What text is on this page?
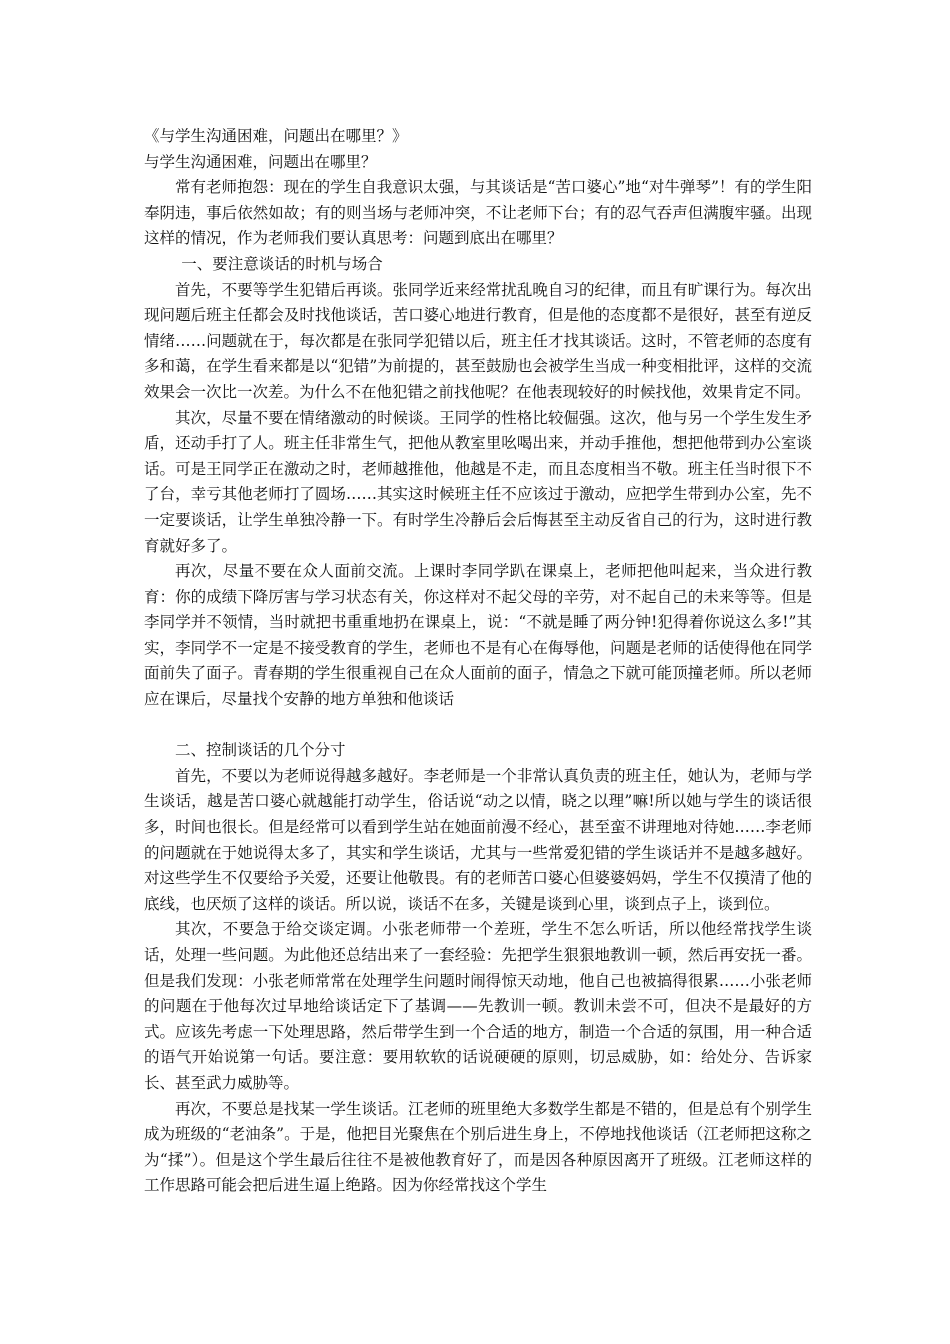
《与学生沟通困难，问题出在哪里？》

与学生沟通困难，问题出在哪里？

常有老师抱怨：现在的学生自我意识太强，与其谈话是“苦口婆心”地“对牛弹琴”！有的学生阳奉阴违，事后依然如故；有的则当场与老师冲突，不让老师下台；有的忍气吞声但满腹牢骚。出现这样的情况，作为老师我们要认真思考：问题到底出在哪里？

一、要注意谈话的时机与场合

首先，不要等学生犯错后再谈。张同学近来经常扰乱晚自习的纪律，而且有旷课行为。每次出现问题后班主任都会及时找他谈话，苦口婆心地进行教育，但是他的态度都不是很好，甚至有逆反情绪……问题就在于，每次都是在张同学犯错以后，班主任才找其谈话。这时，不管老师的态度有多和蔼，在学生看来都是以“犯错”为前提的，甚至鼓励也会被学生当成一种变相批评，这样的交流效果会一次比一次差。为什么不在他犯错之前找他呢？在他表现较好的时候找他，效果肯定不同。

其次，尽量不要在情绪激动的时候谈。王同学的性格比较倔强。这次，他与另一个学生发生矛盾，还动手打了人。班主任非常生气，把他从教室里吆喝出来，并动手推他，想把他带到办公室谈话。可是王同学正在激动之时，老师越推他，他越是不走，而且态度相当不敬。班主任当时很下不了台，幸亏其他老师打了圆场……其实这时候班主任不应该过于激动，应把学生带到办公室，先不一定要谈话，让学生单独冷静一下。有时学生冷静后会后悔甚至主动反省自己的行为，这时进行教育就好多了。

再次，尽量不要在众人面前交流。上课时李同学趴在课桌上，老师把他叫起来，当众进行教育：你的成绩下降厉害与学习状态有关，你这样对不起父母的辛劳，对不起自己的未来等等。但是李同学并不领情，当时就把书重重地扔在课桌上，说：“不就是睡了两分钟!犯得着你说这么多!”其实，李同学不一定是不接受教育的学生，老师也不是有心在侮辱他，问题是老师的话使得他在同学面前失了面子。青春期的学生很重视自己在众人面前的面子，情急之下就可能顶撞老师。所以老师应在课后，尽量找个安静的地方单独和他谈话

二、控制谈话的几个分寸

首先，不要以为老师说得越多越好。李老师是一个非常认真负责的班主任，她认为，老师与学生谈话，越是苦口婆心就越能打动学生，俗话说“动之以情，晓之以理”嘛!所以她与学生的谈话很多，时间也很长。但是经常可以看到学生站在她面前漫不经心，甚至蛮不讲理地对待她……李老师的问题就在于她说得太多了，其实和学生谈话，尤其与一些常爱犯错的学生谈话并不是越多越好。对这些学生不仅要给予关爱，还要让他敬畏。有的老师苦口婆心但婆婆妈妈，学生不仅摸清了他的底线，也厌烦了这样的谈话。所以说，谈话不在多，关键是谈到心里，谈到点子上，谈到位。

其次，不要急于给交谈定调。小张老师带一个差班，学生不怎么听话，所以他经常找学生谈话，处理一些问题。为此他还总结出来了一套经验：先把学生狠狠地教训一顿，然后再安抚一番。但是我们发现：小张老师常常在处理学生问题时闹得惊天动地，他自己也被搞得很累……小张老师的问题在于他每次过早地给谈话定下了基调——先教训一顿。教训未尝不可，但决不是最好的方式。应该先考虑一下处理思路，然后带学生到一个合适的地方，制造一个合适的氛围，用一种合适的语气开始说第一句话。要注意：要用软软的话说硬硬的原则，切忌威胁，如：给处分、告诉家长、甚至武力威胁等。

再次，不要总是找某一学生谈话。江老师的班里绝大多数学生都是不错的，但是总有个别学生成为班级的“老油条”。于是，他把目光聚焦在个别后进生身上，不停地找他谈话（江老师把这称之为“揉”）。但是这个学生最后往往不是被他教育好了，而是因各种原因离开了班级。江老师这样的工作思路可能会把后进生逼上绝路。因为你经常找这个学生
